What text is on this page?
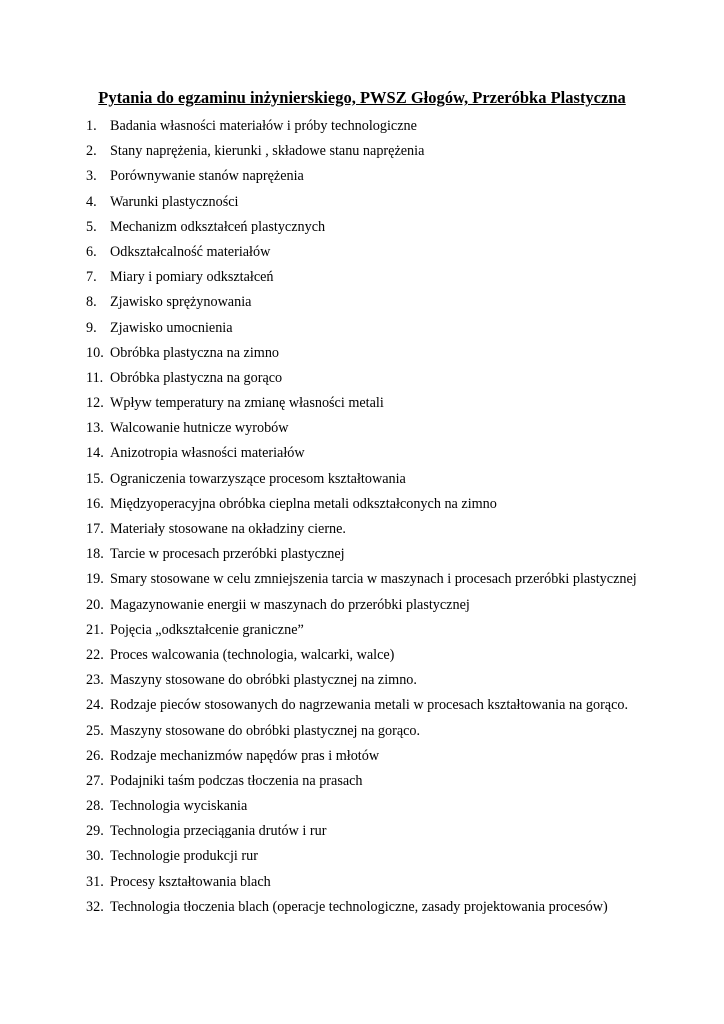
Pytania do egzaminu inżynierskiego, PWSZ Głogów, Przeróbka Plastyczna
1. Badania własności materiałów i próby technologiczne
2. Stany naprężenia, kierunki , składowe stanu naprężenia
3. Porównywanie stanów naprężenia
4. Warunki plastyczności
5. Mechanizm odkształceń plastycznych
6. Odkształcalność materiałów
7. Miary i pomiary odkształceń
8. Zjawisko sprężynowania
9. Zjawisko umocnienia
10. Obróbka plastyczna na zimno
11. Obróbka plastyczna na gorąco
12. Wpływ temperatury na zmianę własności metali
13. Walcowanie hutnicze wyrobów
14. Anizotropia własności materiałów
15. Ograniczenia towarzyszące procesom kształtowania
16. Międzyoperacyjna obróbka cieplna metali odkształconych na zimno
17. Materiały stosowane na okładziny cierne.
18. Tarcie w procesach przeróbki plastycznej
19. Smary stosowane w celu zmniejszenia tarcia w maszynach i procesach przeróbki plastycznej
20. Magazynowanie energii w maszynach do przeróbki plastycznej
21. Pojęcia „odkształcenie graniczne”
22. Proces walcowania (technologia, walcarki, walce)
23. Maszyny stosowane do obróbki plastycznej na zimno.
24. Rodzaje pieców stosowanych do nagrzewania metali w procesach kształtowania na gorąco.
25. Maszyny stosowane do obróbki plastycznej na gorąco.
26. Rodzaje mechanizmów napędów pras i młotów
27. Podajniki taśm podczas tłoczenia na prasach
28. Technologia wyciskania
29. Technologia przeciągania drutów i rur
30. Technologie produkcji rur
31. Procesy kształtowania blach
32. Technologia tłoczenia blach (operacje technologiczne, zasady projektowania procesów)
